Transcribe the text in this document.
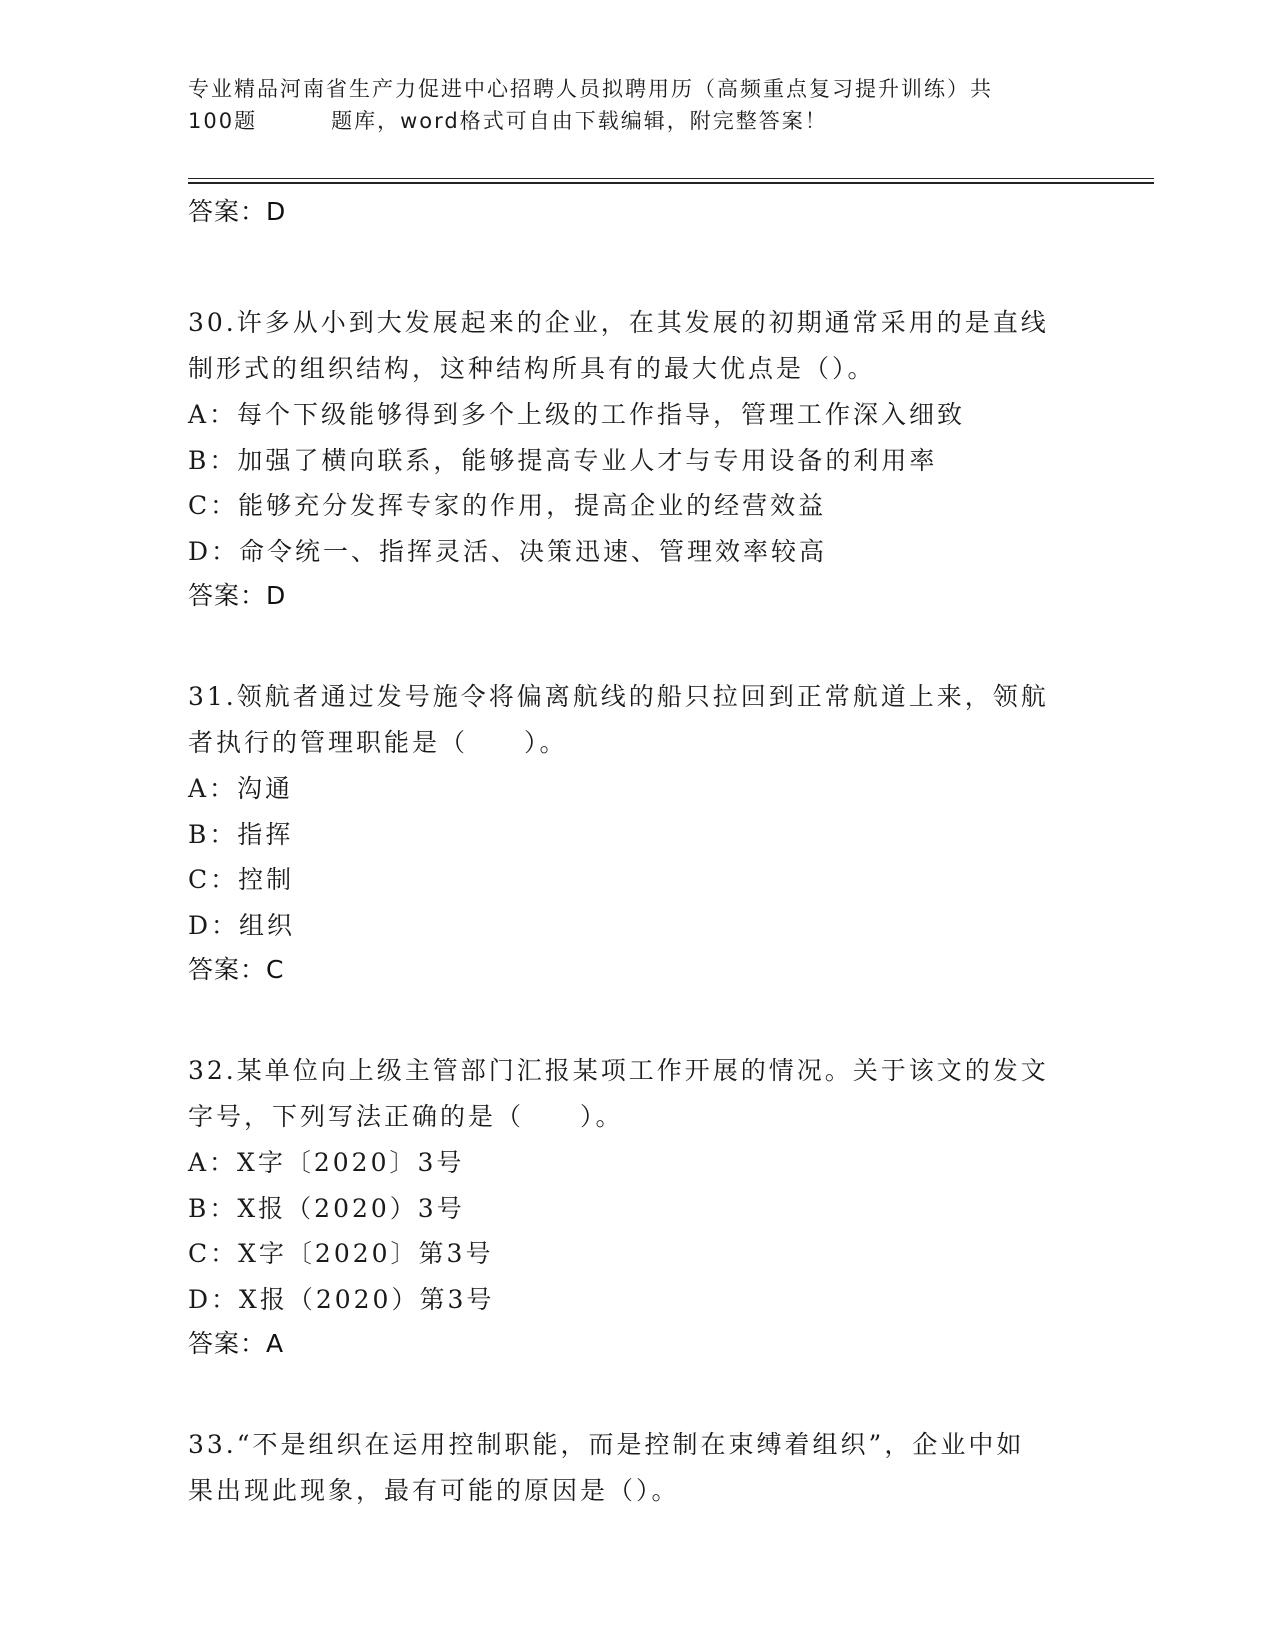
专业精品河南省生产力促进中心招聘人员拟聘用历（高频重点复习提升训练）共
100题	题库，word格式可自由下载编辑，附完整答案！
答案：D
30.许多从小到大发展起来的企业，在其发展的初期通常采用的是直线
制形式的组织结构，这种结构所具有的最大优点是（）。
A：每个下级能够得到多个上级的工作指导，管理工作深入细致
B：加强了横向联系，能够提高专业人才与专用设备的利用率
C：能够充分发挥专家的作用，提高企业的经营效益
D：命令统一、指挥灵活、决策迅速、管理效率较高
答案：D
31.领航者通过发号施令将偏离航线的船只拉回到正常航道上来，领航
者执行的管理职能是（　　）。
A：沟通
B：指挥
C：控制
D：组织
答案：C
32.某单位向上级主管部门汇报某项工作开展的情况。关于该文的发文
字号，下列写法正确的是（　　）。
A：X字〔2020〕3号
B：X报（2020）3号
C：X字〔2020〕第3号
D：X报（2020）第3号
答案：A
33.“不是组织在运用控制职能，而是控制在束缚着组织”，企业中如
果出现此现象，最有可能的原因是（）。
